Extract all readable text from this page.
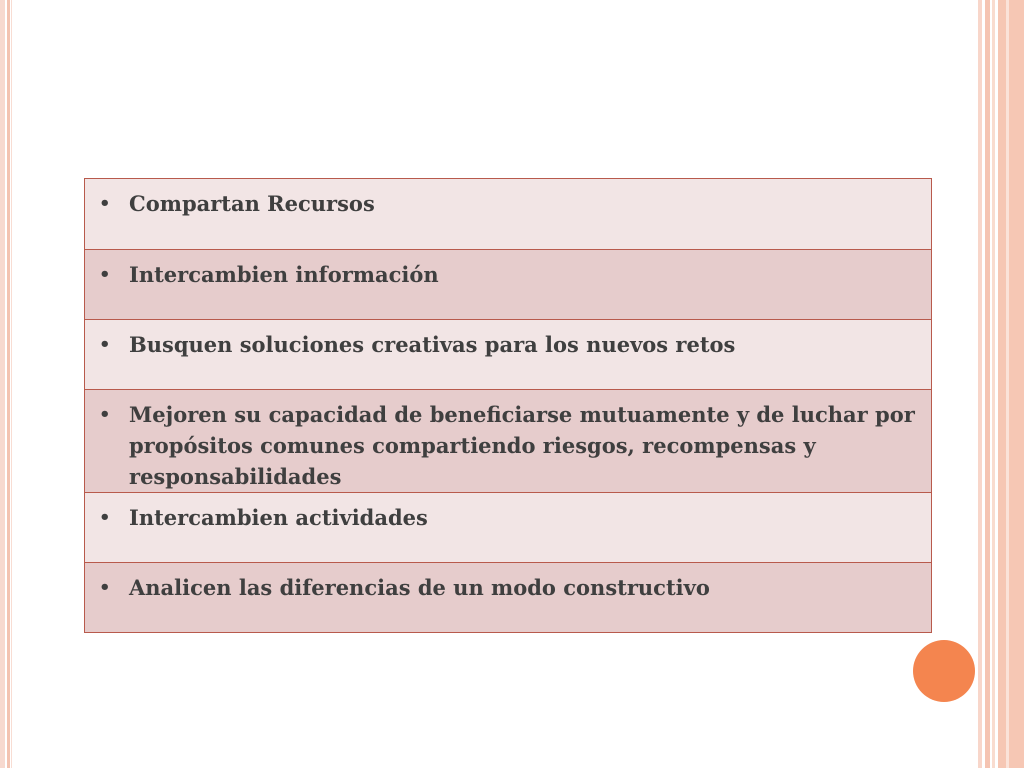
• Compartan Recursos
• Intercambien información
• Busquen soluciones creativas para los nuevos retos
• Mejoren su capacidad de beneficiarse mutuamente y de luchar por propósitos comunes compartiendo riesgos, recompensas y responsabilidades
• Intercambien actividades
• Analicen las diferencias de un modo constructivo
